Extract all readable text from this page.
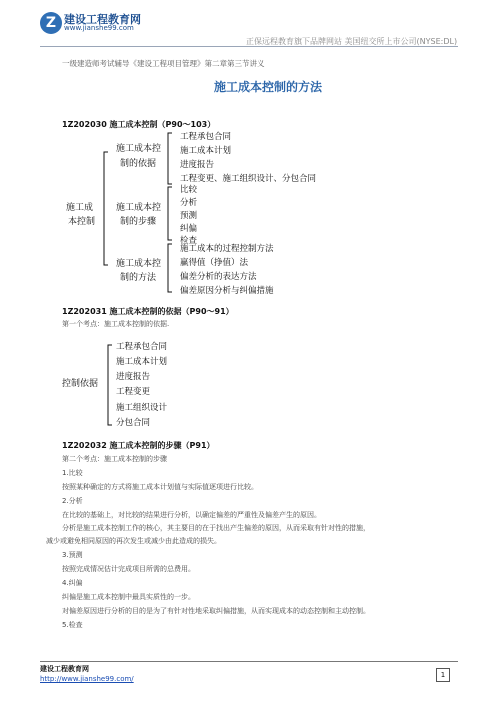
Z 建设工程教育网
www.jianshe99.com
正保远程教育旗下品牌网站 美国纽交所上市公司(NYSE:DL)
一级建造师考试辅导《建设工程项目管理》第二章第三节讲义
施工成本控制的方法
1Z202030 施工成本控制（P90～103）
施工成
本控制
施工成本控
制的依据
工程承包合同
施工成本计划
进度报告
工程变更、施工组织设计、分包合同
施工成本控
制的步骤
比较
分析
预测
纠偏
检查
施工成本控
制的方法
施工成本的过程控制方法
赢得值（挣值）法
偏差分析的表达方法
偏差原因分析与纠偏措施
1Z202031 施工成本控制的依据（P90～91）
第一个考点：施工成本控制的依据.
控制依据
工程承包合同
施工成本计划
进度报告
工程变更
施工组织设计
分包合同
1Z202032 施工成本控制的步骤（P91）
第二个考点：施工成本控制的步骤
1.比较
按照某种确定的方式将施工成本计划值与实际值逐项进行比较。
2.分析
在比较的基础上，对比较的结果进行分析，以确定偏差的严重性及偏差产生的原因。
分析是施工成本控制工作的核心，其主要目的在于找出产生偏差的原因，从而采取有针对性的措施，
减少或避免相同原因的再次发生或减少由此造成的损失。
3.预测
按照完成情况估计完成项目所需的总费用。
4.纠偏
纠偏是施工成本控制中最具实质性的一步。
对偏差原因进行分析的目的是为了有针对性地采取纠偏措施，从而实现成本的动态控制和主动控制。
5.检查
建设工程教育网
http://www.jianshe99.com/	1
